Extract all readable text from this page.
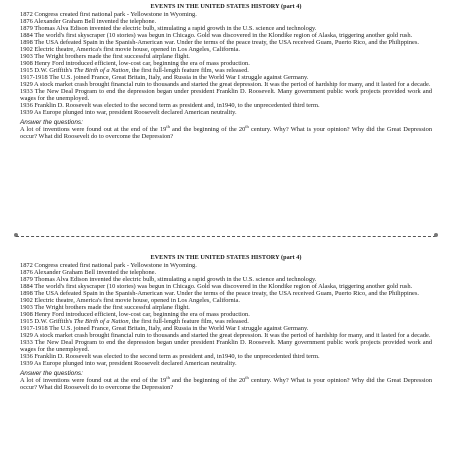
EVENTS IN THE UNITED STATES HISTORY (part 4)

1872 Congress created first national park - Yellowstone in Wyoming.

1876 Alexander Graham Bell invented the telephone.

1879 Thomas Alva Edison invented the electric bulb, stimulating a rapid growth in the U.S. science and technology.

1884 The world's first skyscraper (10 stories) was begun in Chicago. Gold was discovered in the Klondike region of Alaska, triggering another gold rush.

1898 The USA defeated Spain in the Spanish-American war. Under the terms of the peace treaty, the USA received Guam, Puerto Rico, and the Philippines.

1902 Electric theatre, America's first movie house, opened in Los Angeles, California.

1903 The Wright brothers made the first successful airplane flight.

1908 Henry Ford introduced efficient, low-cost car, beginning the era of mass production.

1915 D.W. Griffith's The Birth of a Nation, the first full-length feature film, was released.

1917-1918 The U.S. joined France, Great Britain, Italy, and Russia in the World War I struggle against Germany.

1929 A stock market crash brought financial ruin to thousands and started the great depression. It was the period of hardship for many, and it lasted for a decade.

1933 The New Deal Program to end the depression began under president Franklin D. Roosevelt. Many government public work projects provided work and wages for the unemployed.

1936 Franklin D. Roosevelt was elected to the second term as president and, in1940, to the unprecedented third term.

1939 As Europe plunged into war, president Roosevelt declared American neutrality.

Answer the questions:

A lot of inventions were found out at the end of the 19th and the beginning of the 20th century. Why? What is your opinion? Why did the Great Depression occur? What did Roosevelt do to overcome the Depression?

EVENTS IN THE UNITED STATES HISTORY (part 4)

1872 Congress created first national park - Yellowstone in Wyoming.

1876 Alexander Graham Bell invented the telephone.

1879 Thomas Alva Edison invented the electric bulb, stimulating a rapid growth in the U.S. science and technology.

1884 The world's first skyscraper (10 stories) was begun in Chicago. Gold was discovered in the Klondike region of Alaska, triggering another gold rush.

1898 The USA defeated Spain in the Spanish-American war. Under the terms of the peace treaty, the USA received Guam, Puerto Rico, and the Philippines.

1902 Electric theatre, America's first movie house, opened in Los Angeles, California.

1903 The Wright brothers made the first successful airplane flight.

1908 Henry Ford introduced efficient, low-cost car, beginning the era of mass production.

1915 D.W. Griffith's The Birth of a Nation, the first full-length feature film, was released.

1917-1918 The U.S. joined France, Great Britain, Italy, and Russia in the World War I struggle against Germany.

1929 A stock market crash brought financial ruin to thousands and started the great depression. It was the period of hardship for many, and it lasted for a decade.

1933 The New Deal Program to end the depression began under president Franklin D. Roosevelt. Many government public work projects provided work and wages for the unemployed.

1936 Franklin D. Roosevelt was elected to the second term as president and, in1940, to the unprecedented third term.

1939 As Europe plunged into war, president Roosevelt declared American neutrality.

Answer the questions:

A lot of inventions were found out at the end of the 19th and the beginning of the 20th century. Why? What is your opinion? Why did the Great Depression occur? What did Roosevelt do to overcome the Depression?
